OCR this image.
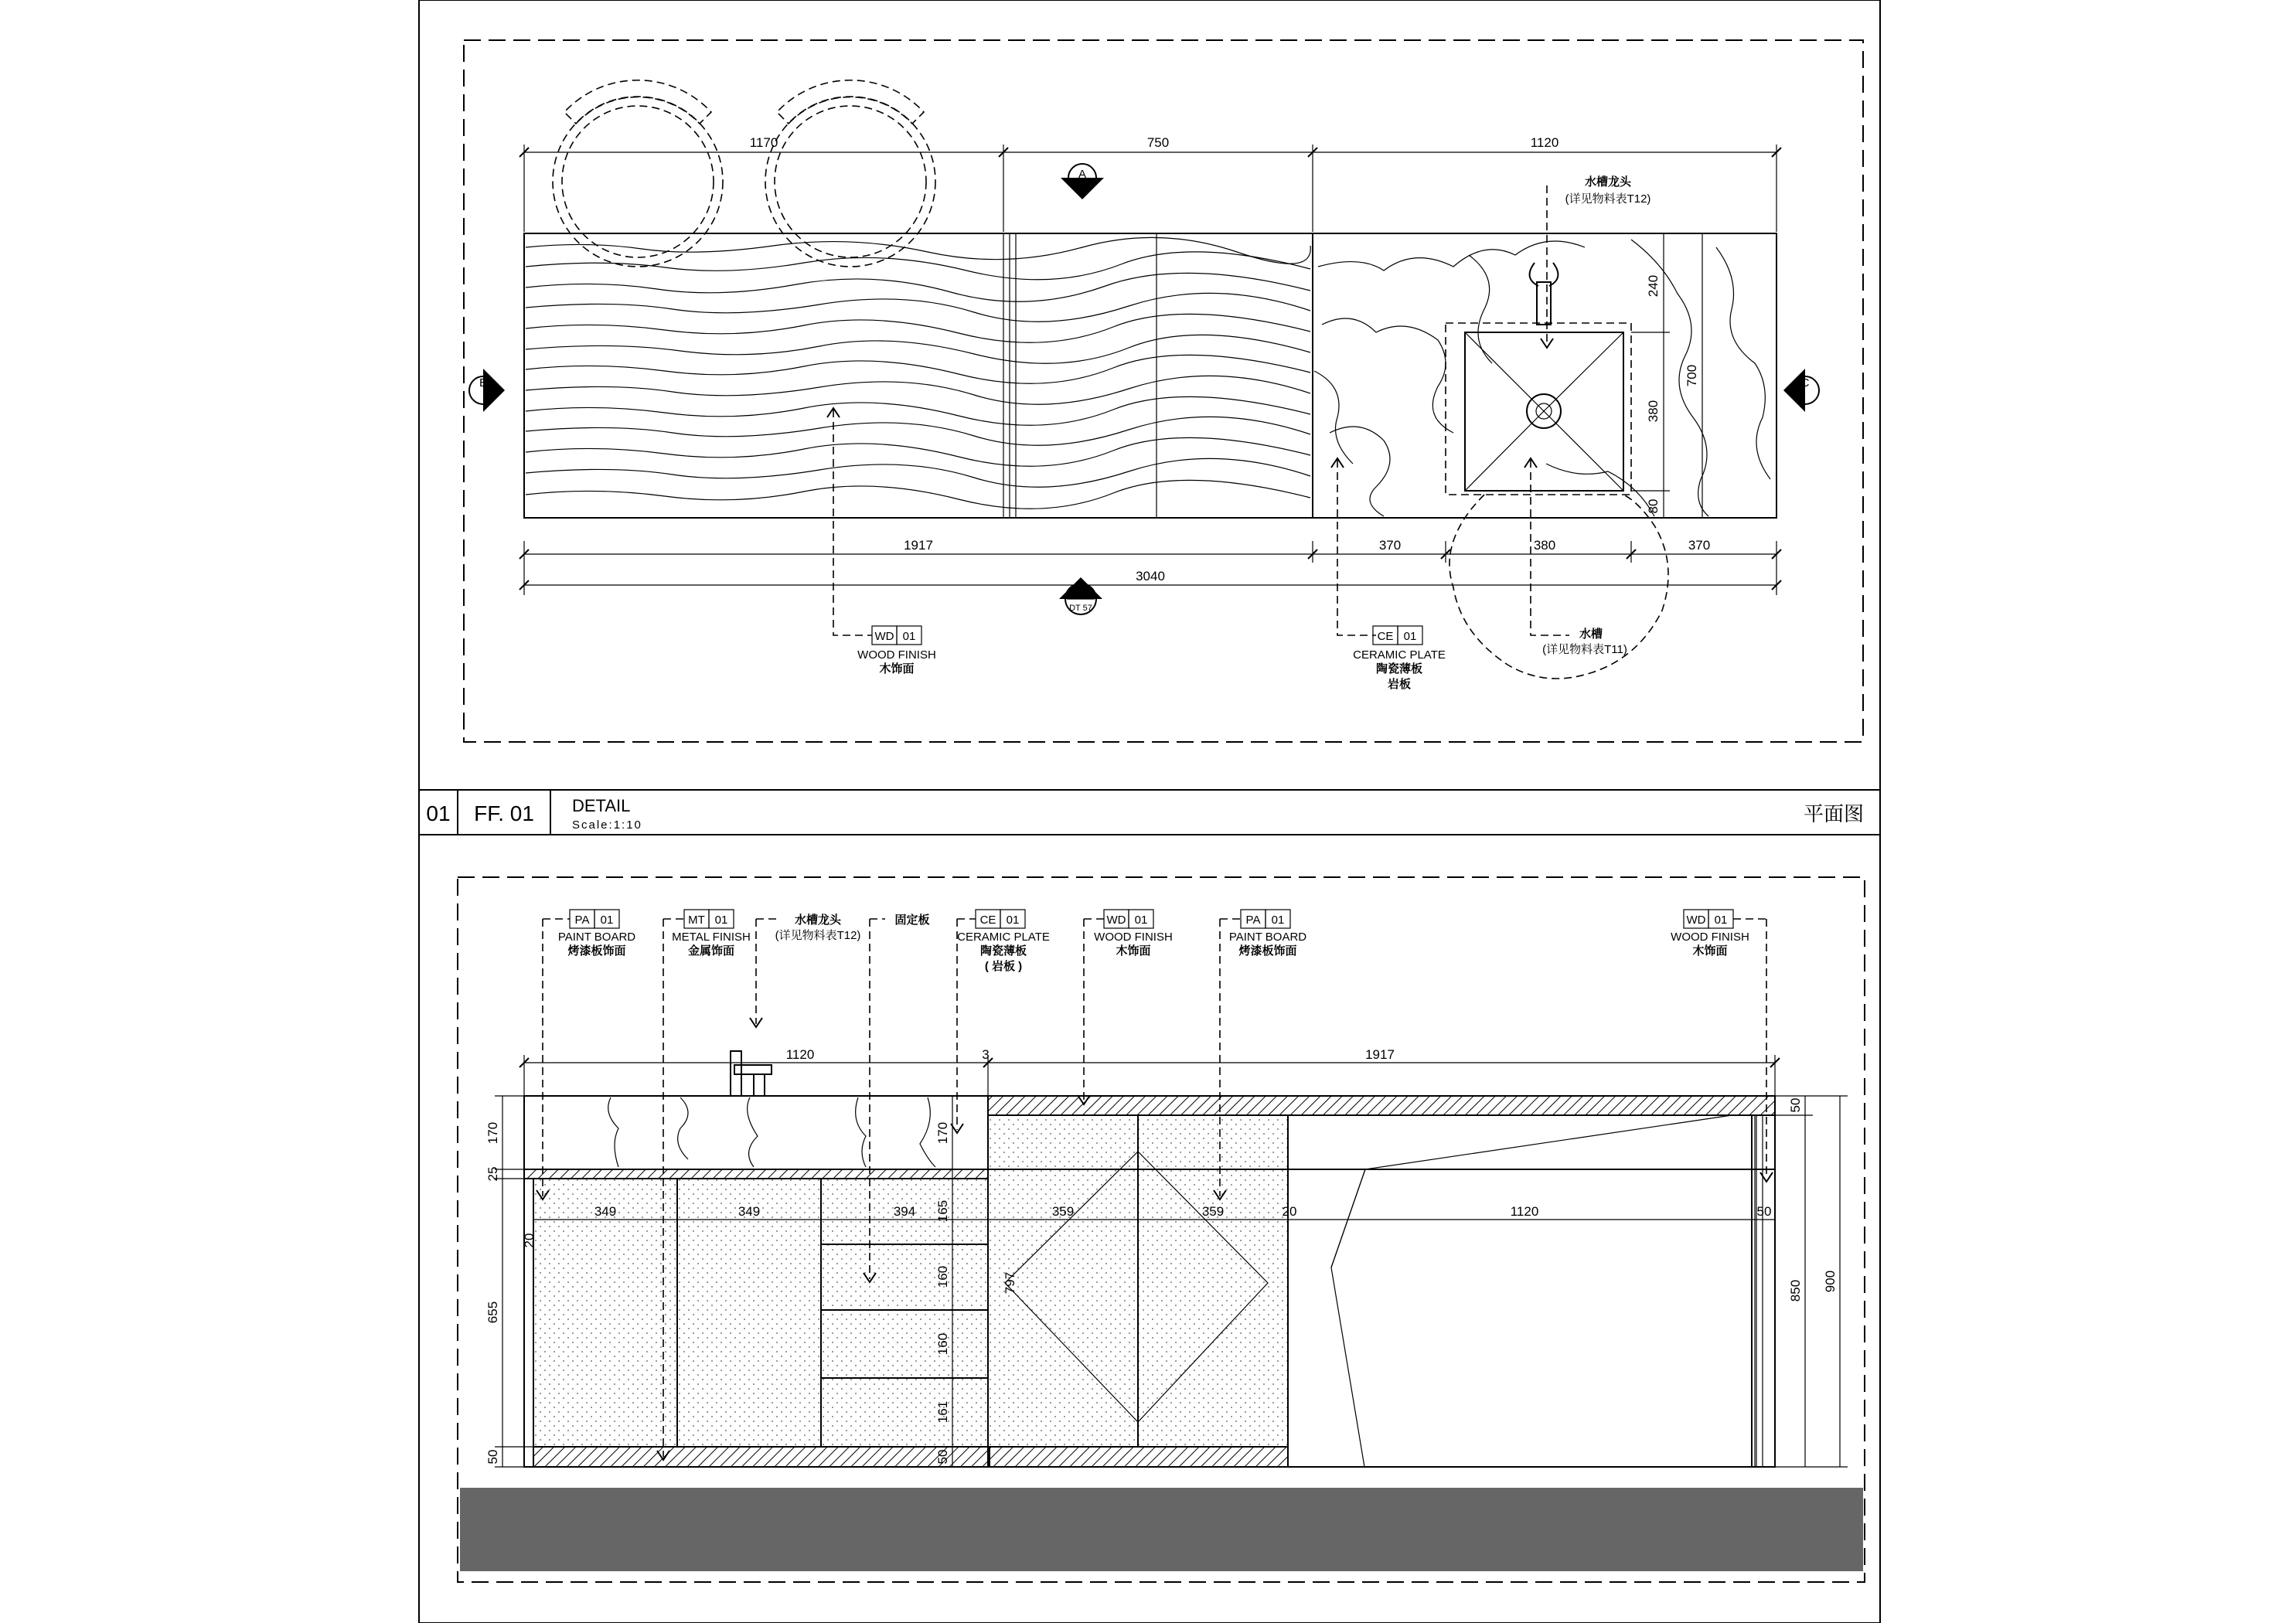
1170	750	1120
240
380
80
700
1917	370	380	370
3040
A
B	C
D
DT 57
WD 01
WOOD FINISH
木饰面
CE 01
CERAMIC PLATE
陶瓷薄板
岩板
水槽龙头
(详见物料表T12)
水槽
(详见物料表T11)
01 FF. 01 DETAIL
Scale:1:10	平面图
1120	3	1917
170
25
20
655
50
170
165
160
160
161
50
349	349	394	359	359	20	1120	50
797
50
850 900
PA 01
PAINT BOARD
烤漆板饰面
MT 01
METAL FINISH
金属饰面
水槽龙头
(详见物料表T12)
固定板	CE 01
CERAMIC PLATE
陶瓷薄板
( 岩板 )
WD 01
WOOD FINISH
木饰面
PA 01
PAINT BOARD
烤漆板饰面
WD 01
WOOD FINISH
木饰面
